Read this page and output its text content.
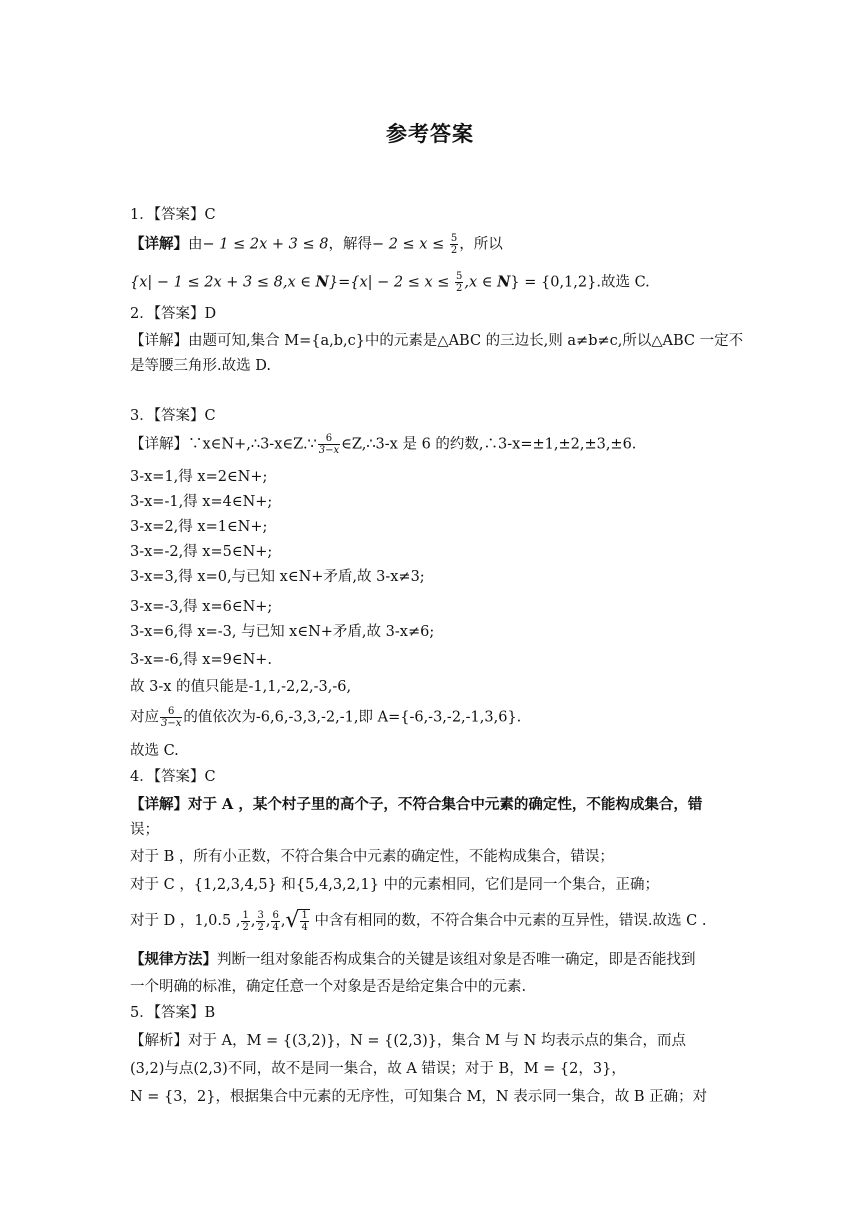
参考答案
1．【答案】C
【详解】由− 1 ≤ 2x + 3 ≤ 8，解得− $2 \le x \le \frac{5}{2}$ ，所以
{x| − 1 ≤ 2x + 3 ≤ 8,x ∈ $N\}=\{x| - 2 \le x \le \frac{5}{2} ,x$ ∈ N} = {0,1,2}.故选 C.
2．【答案】D
【详解】由题可知,集合 M={a,b,c}中的元素是△ABC 的三边长,则 a≠b≠c,所以△ABC 一定不
是等腰三角形.故选 D.
3．【答案】C
【详解】∵x∈N+,∴3-x∈Z.∵ $\frac{6}{3-x}$ ∈Z,∴3-x 是 6 的约数,∴3-x=±1,±2,±3,±6.
3-x=1,得 x=2∈N+;
3-x=-1,得 x=4∈N+;
3-x=2,得 x=1∈N+;
3-x=-2,得 x=5∈N+;
3-x=3,得 x=0,与已知 x∈N+矛盾,故 3-x≠3;
3-x=-3,得 x=6∈N+;
3-x=6,得 x=-3, 与已知 x∈N+矛盾,故 3-x≠6;
3-x=-6,得 x=9∈N+.
故 3-x 的值只能是-1,1,-2,2,-3,-6,
对应 $\frac{6}{3-x}$ 的值依次为-6,6,-3,3,-2,-1,即 A={-6,-3,-2,-1,3,6}.
故选 C.
4．【答案】C
【详解】对于 A ，某个村子里的高个子，不符合集合中元素的确定性，不能构成集合，错
误；
对于 B ，所有小正数，不符合集合中元素的确定性，不能构成集合，错误；
对于 C ，{1,2,3,4,5} 和{5,4,3,2,1} 中的元素相同，它们是同一个集合，正确；
对于 D ，1,0.5 , $\frac{1}{2}$ , $\frac{3}{2}$ , $\frac{6}{4}$ ,√ $\frac{1}{4}$ 中含有相同的数，不符合集合中元素的互异性，错误.故选 C .
【规律方法】判断一组对象能否构成集合的关键是该组对象是否唯一确定，即是否能找到
一个明确的标准，确定任意一个对象是否是给定集合中的元素.
5．【答案】B
【解析】对于 A，M = {(3,2)}，N = {(2,3)}，集合 M 与 N 均表示点的集合，而点
(3,2)与点(2,3)不同，故不是同一集合，故 A 错误；对于 B，M = {2，3}，
N = {3，2}，根据集合中元素的无序性，可知集合 M，N 表示同一集合，故 B 正确；对
